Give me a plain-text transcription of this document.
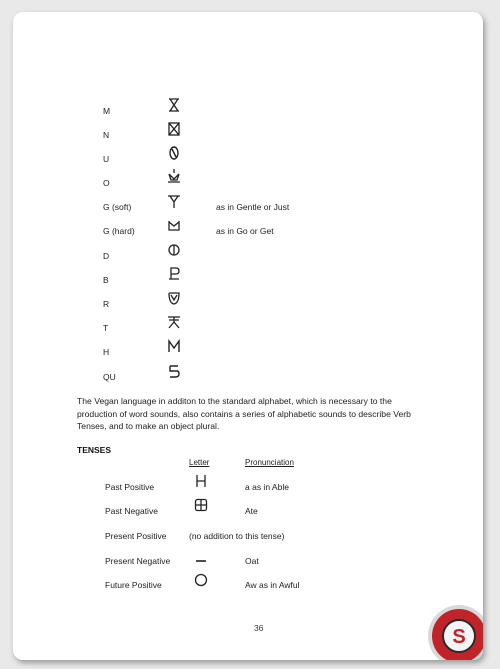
M
N
U
O
G (soft)	as in Gentle or Just
G (hard)	as in Go or Get
D
B
R
T
H
QU
The Vegan language in additon to the standard alphabet, which is necessary to the production of word sounds, also contains a series of alphabetic sounds to describe Verb Tenses, and to make an object plural.
TENSES
Letter	Pronunciation
Past Positive	a as in Able
Past Negative	Ate
Present Positive	(no addition to this tense)
Present Negative	Oat
Future Positive	Aw as in Awful
36	S
